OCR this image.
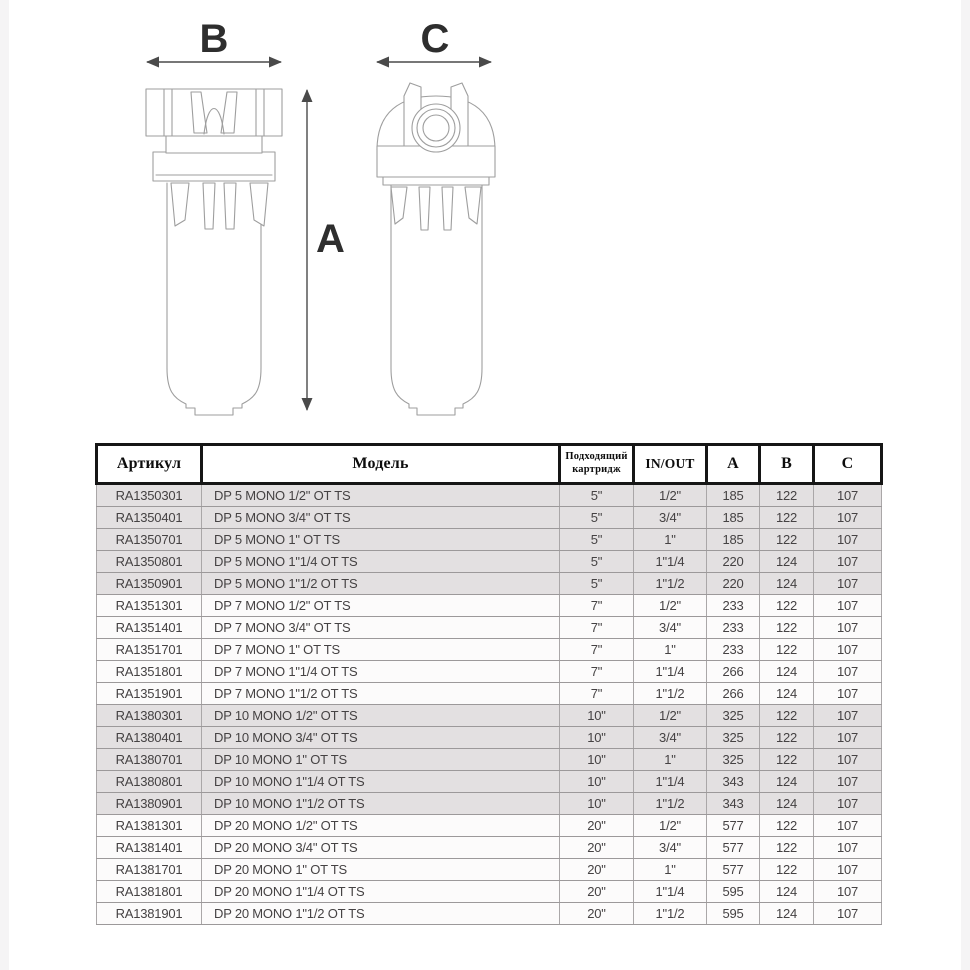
B	C
A
Артикул	Модель	Подходящий картридж	IN/OUT	A	B	C
RA1350301	DP 5 MONO 1/2" OT TS	5"	1/2"	185	122	107
RA1350401	DP 5 MONO 3/4" OT TS	5"	3/4"	185	122	107
RA1350701	DP 5 MONO 1" OT TS	5"	1"	185	122	107
RA1350801	DP 5 MONO 1"1/4 OT TS	5"	1"1/4	220	124	107
RA1350901	DP 5 MONO 1"1/2 OT TS	5"	1"1/2	220	124	107
RA1351301	DP 7 MONO 1/2" OT TS	7"	1/2"	233	122	107
RA1351401	DP 7 MONO 3/4" OT TS	7"	3/4"	233	122	107
RA1351701	DP 7 MONO 1" OT TS	7"	1"	233	122	107
RA1351801	DP 7 MONO 1"1/4 OT TS	7"	1"1/4	266	124	107
RA1351901	DP 7 MONO 1"1/2 OT TS	7"	1"1/2	266	124	107
RA1380301	DP 10 MONO 1/2" OT TS	10"	1/2"	325	122	107
RA1380401	DP 10 MONO 3/4" OT TS	10"	3/4"	325	122	107
RA1380701	DP 10 MONO 1" OT TS	10"	1"	325	122	107
RA1380801	DP 10 MONO 1"1/4 OT TS	10"	1"1/4	343	124	107
RA1380901	DP 10 MONO 1"1/2 OT TS	10"	1"1/2	343	124	107
RA1381301	DP 20 MONO 1/2" OT TS	20"	1/2"	577	122	107
RA1381401	DP 20 MONO 3/4" OT TS	20"	3/4"	577	122	107
RA1381701	DP 20 MONO 1" OT TS	20"	1"	577	122	107
RA1381801	DP 20 MONO 1"1/4 OT TS	20"	1"1/4	595	124	107
RA1381901	DP 20 MONO 1"1/2 OT TS	20"	1"1/2	595	124	107
